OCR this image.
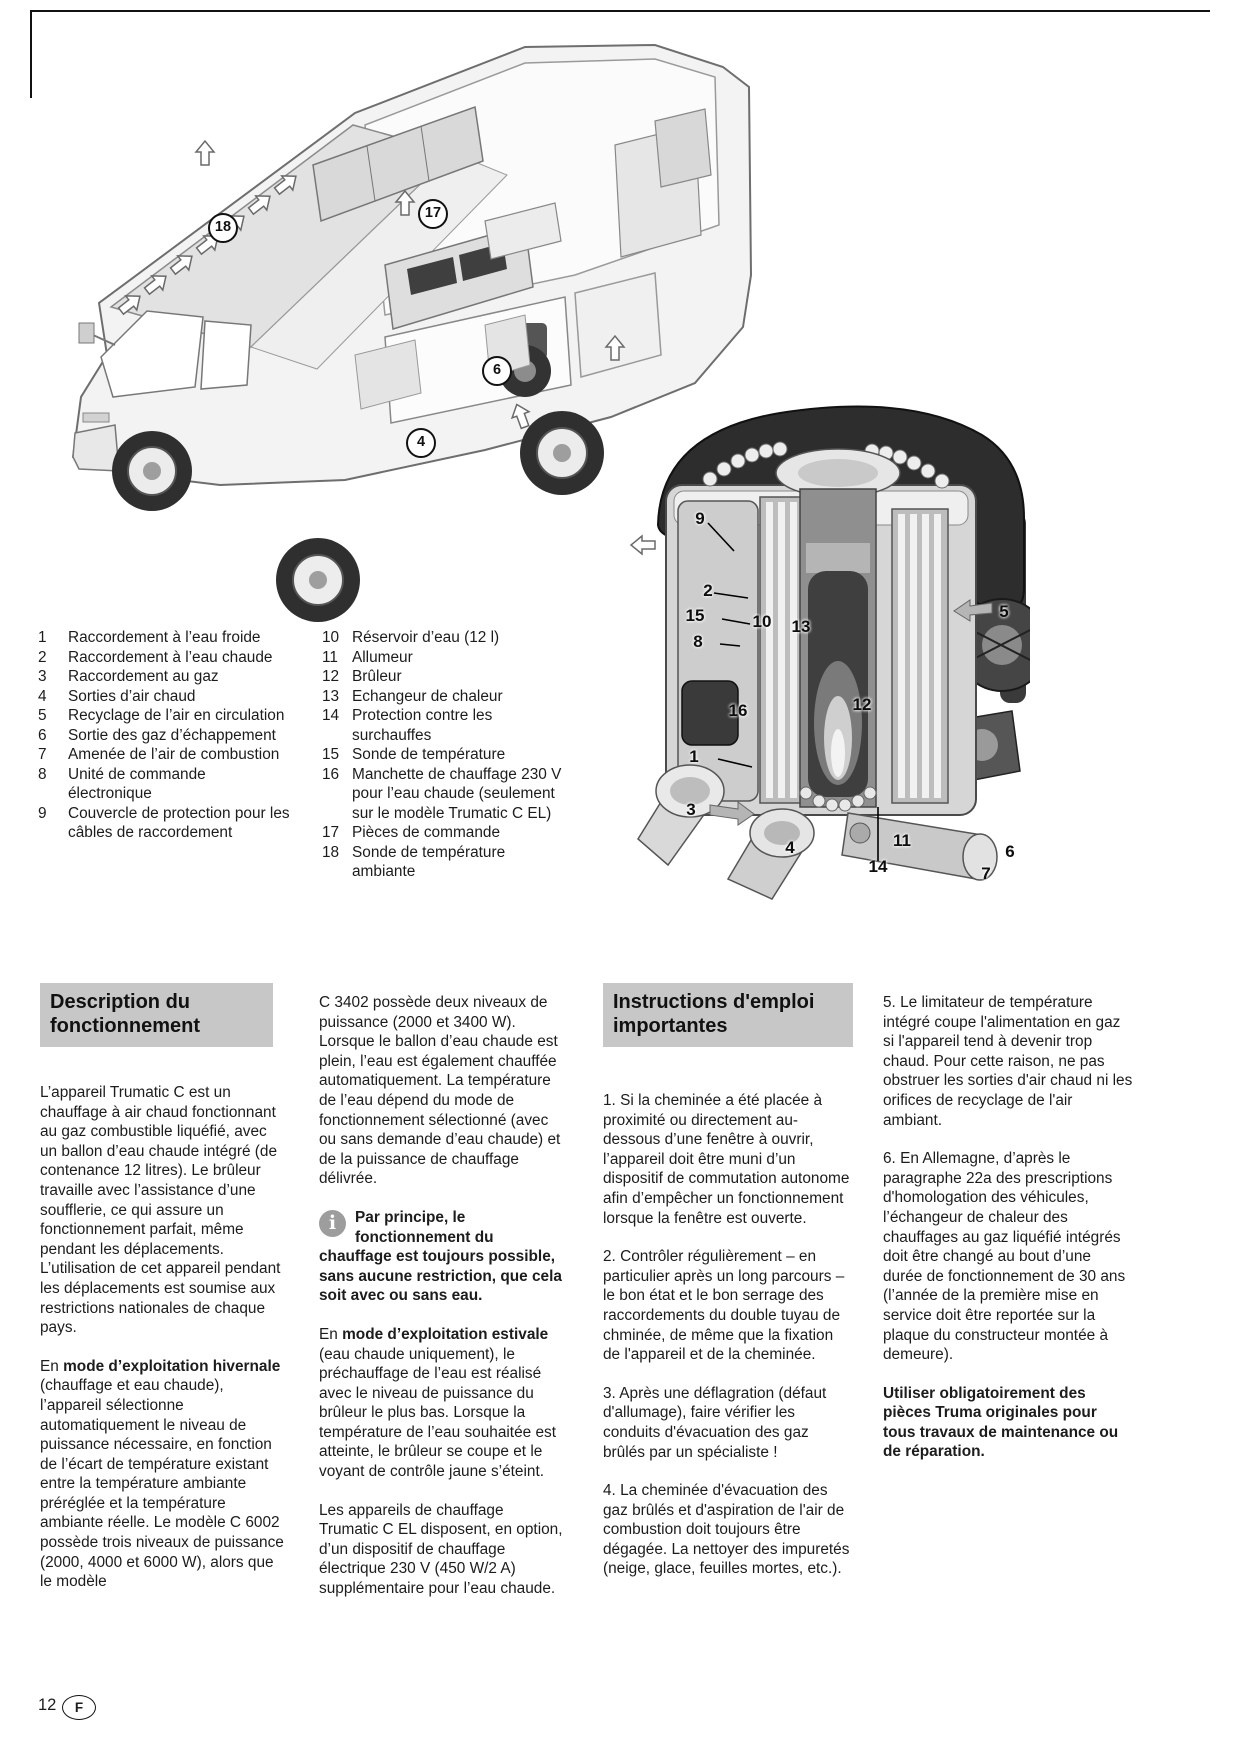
18
17
6
4
9
2
15
8
10 13
12
16
1
3
4	11
14	7
6
5
1	Raccordement à l’eau froide
2	Raccordement à l’eau chaude
3	Raccordement au gaz
4	Sorties d’air chaud
5	Recyclage de l’air en circulation
6	Sortie des gaz d’échappement
7	Amenée de l’air de combustion
8	Unité de commande électronique
9	Couvercle de protection pour les câbles de raccordement
10 Réservoir d’eau (12 l)
11 Allumeur
12 Brûleur
13 Echangeur de chaleur
14 Protection contre les surchauffes
15 Sonde de température
16 Manchette de chauffage 230 V pour l’eau chaude (seulement sur le modèle Trumatic C EL)
17 Pièces de commande
18 Sonde de température ambiante
Description du fonctionnement

L’appareil Trumatic C est un chauffage à air chaud fonctionnant au gaz combustible liquéfié, avec un ballon d’eau chaude intégré (de contenance 12 litres). Le brûleur travaille avec l’assistance d’une soufflerie, ce qui assure un fonctionnement parfait, même pendant les déplacements. L’utilisation de cet appareil pendant les déplacements est soumise aux restrictions nationales de chaque pays.

En mode d’exploitation hivernale (chauffage et eau chaude), l’appareil sélectionne automatiquement le niveau de puissance nécessaire, en fonction de l’écart de température existant entre la température ambiante préréglée et la température ambiante réelle. Le modèle C 6002 possède trois niveaux de puissance (2000, 4000 et 6000 W), alors que le modèle

C 3402 possède deux niveaux de puissance (2000 et 3400 W). Lorsque le ballon d’eau chaude est plein, l’eau est également chauffée automatiquement. La température de l’eau dépend du mode de fonctionnement sélectionné (avec ou sans demande d’eau chaude) et de la puissance de chauffage délivrée.

i	Par principe, le fonctionnement du chauffage est toujours possible, sans aucune restriction, que cela soit avec ou sans eau.

En mode d’exploitation estivale (eau chaude uniquement), le préchauffage de l’eau est réalisé avec le niveau de puissance du brûleur le plus bas. Lorsque la température de l’eau souhaitée est atteinte, le brûleur se coupe et le voyant de contrôle jaune s’éteint.

Les appareils de chauffage Trumatic C EL disposent, en option, d’un dispositif de chauffage électrique 230 V (450 W/2 A) supplémentaire pour l’eau chaude.

Instructions d'emploi importantes

1. Si la cheminée a été placée à proximité ou directement au-dessous d’une fenêtre à ouvrir, l’appareil doit être muni d’un dispositif de commutation autonome afin d’empêcher un fonctionnement lorsque la fenêtre est ouverte.

2. Contrôler régulièrement – en particulier après un long parcours – le bon état et le bon serrage des raccordements du double tuyau de chminée, de même que la fixation de l'appareil et de la cheminée.

3. Après une déflagration (défaut d'allumage), faire vérifier les conduits d'évacuation des gaz brûlés par un spécialiste !

4. La cheminée d'évacuation des gaz brûlés et d'aspiration de l'air de combustion doit toujours être dégagée. La nettoyer des impuretés (neige, glace, feuilles mortes, etc.).

5. Le limitateur de température intégré coupe l'alimentation en gaz si l'appareil tend à devenir trop chaud. Pour cette raison, ne pas obstruer les sorties d'air chaud ni les orifices de recyclage de l'air ambiant.

6. En Allemagne, d’après le paragraphe 22a des prescriptions d'homologation des véhicules, l’échangeur de chaleur des chauffages au gaz liquéfié intégrés doit être changé au bout d’une durée de fonctionnement de 30 ans (l’année de la première mise en service doit être reportée sur la plaque du constructeur montée à demeure).

Utiliser obligatoirement des pièces Truma originales pour tous travaux de maintenance ou de réparation.

12	F
